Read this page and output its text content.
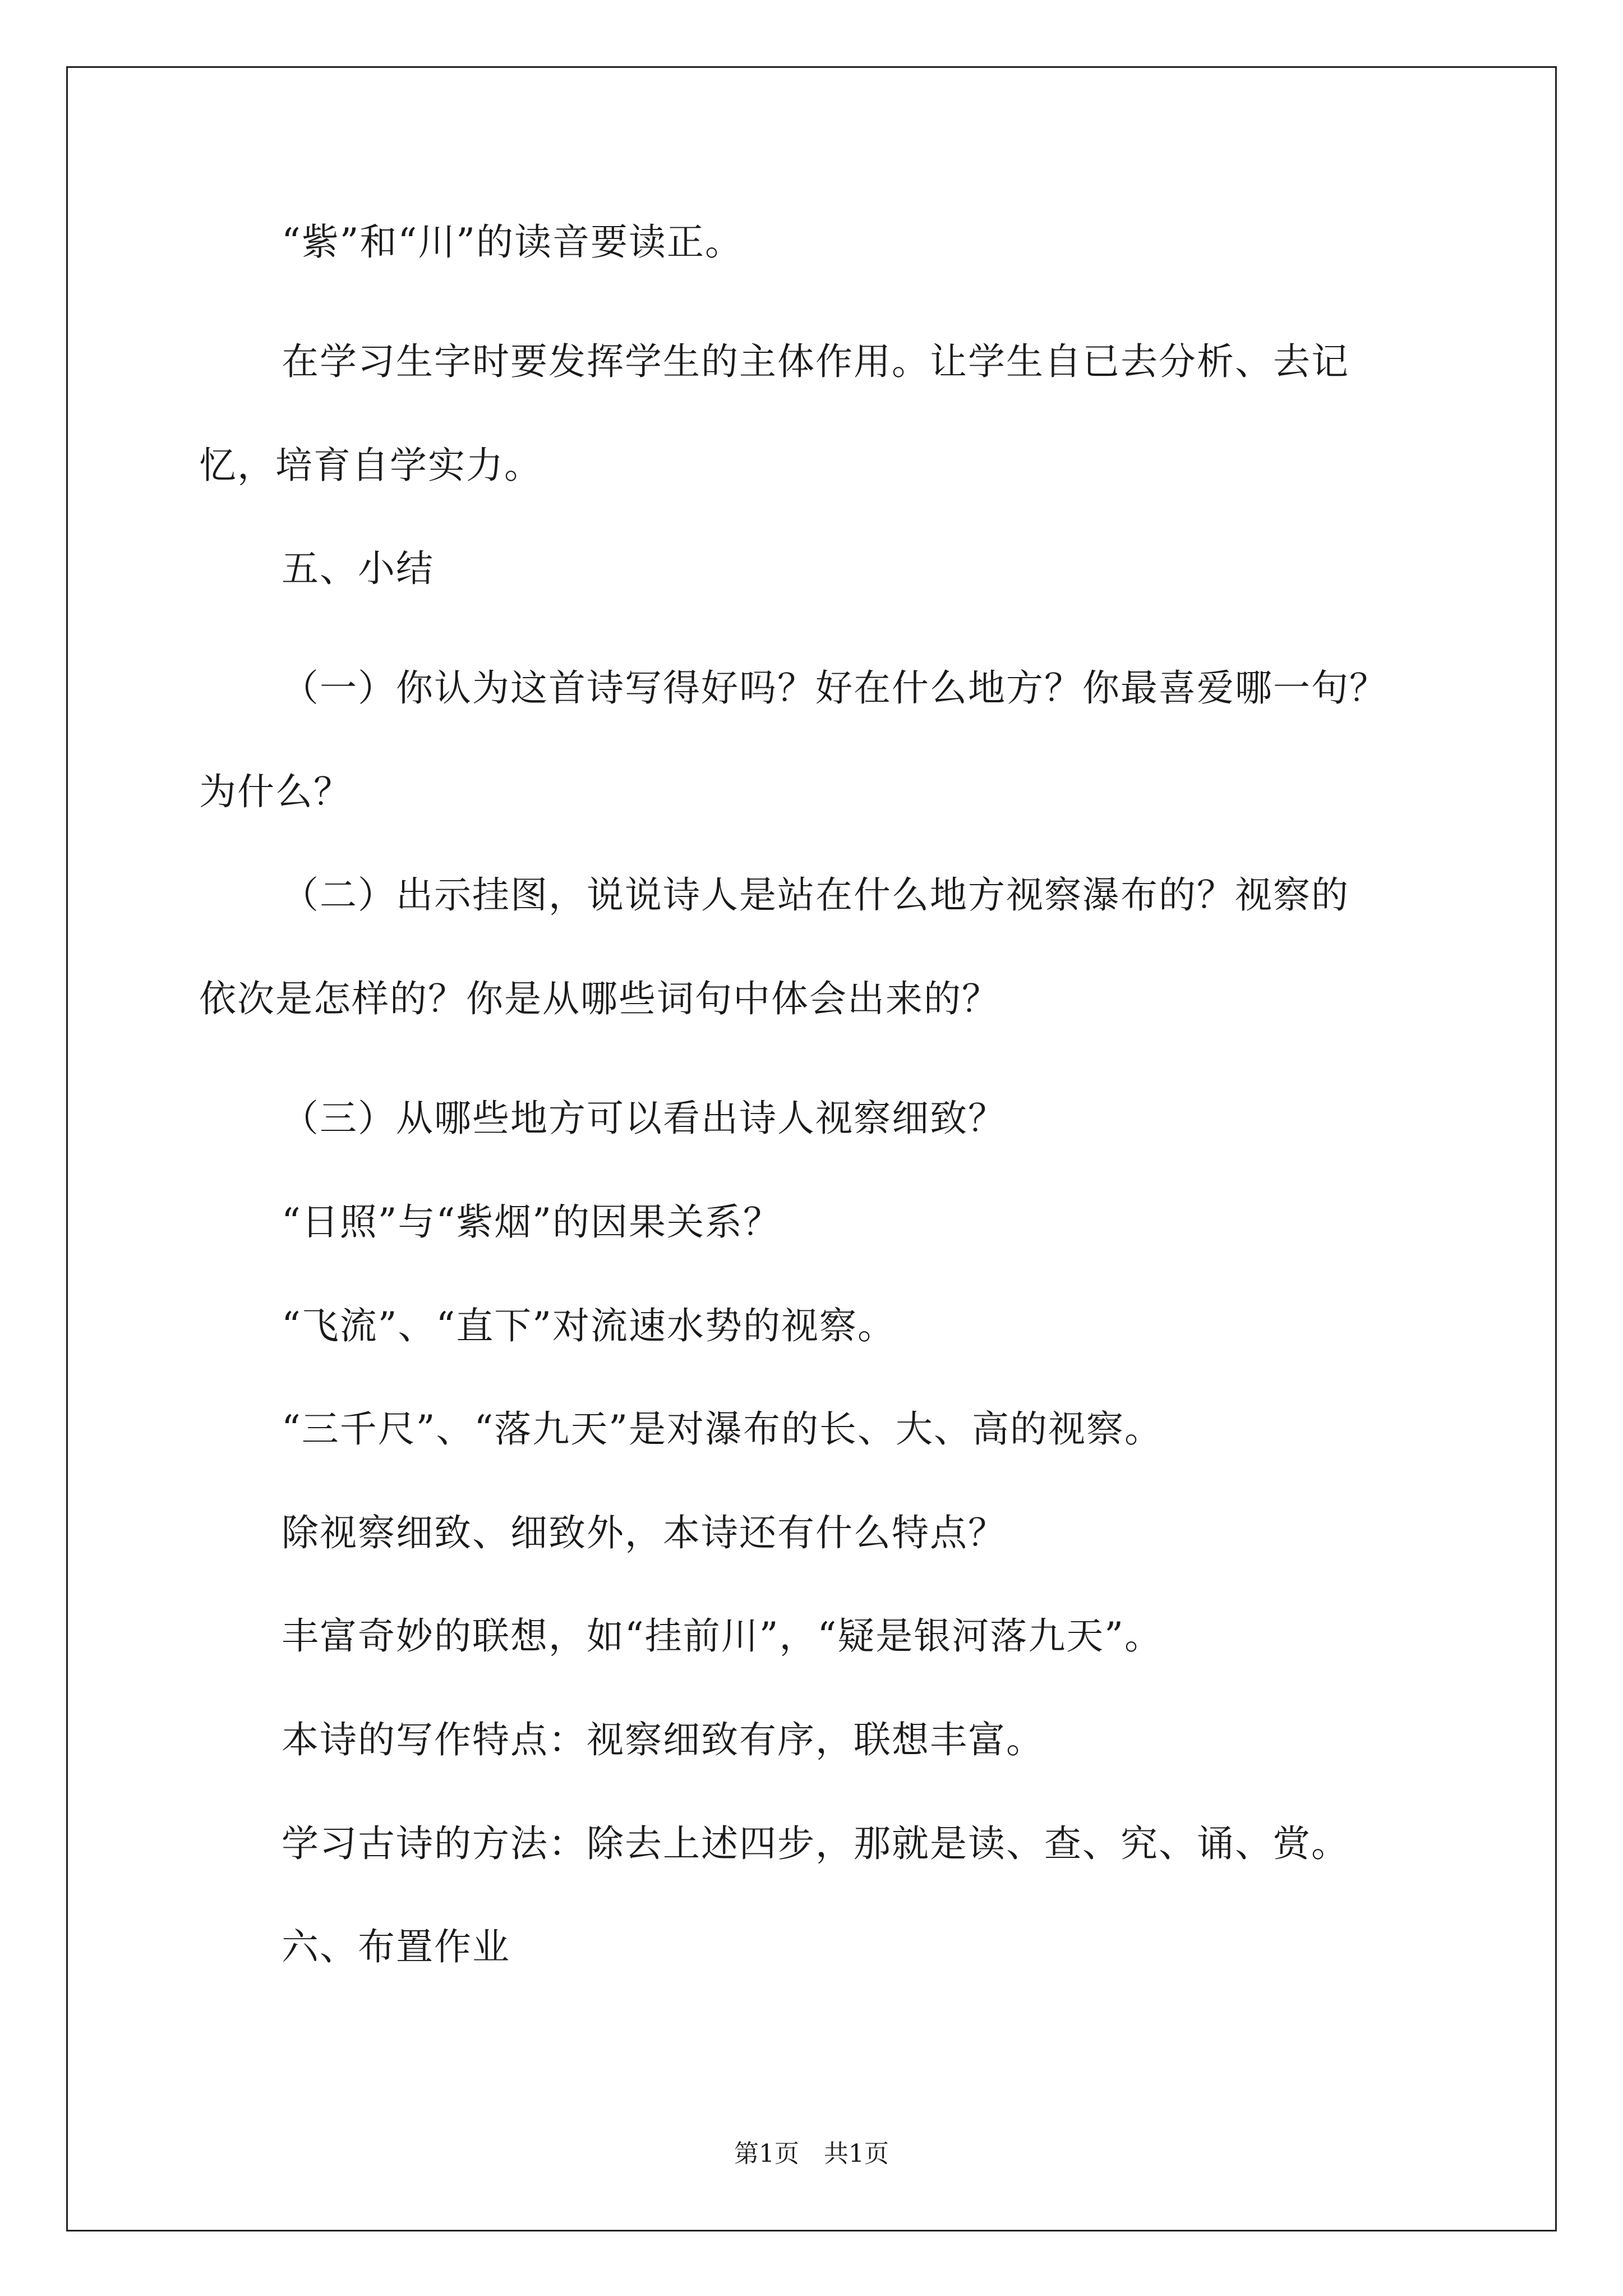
“紫”和“川”的读音要读正。
在学习生字时要发挥学生的主体作用。让学生自已去分析、去记
忆，培育自学实力。
五、小结
（一）你认为这首诗写得好吗？好在什么地方？你最喜爱哪一句？
为什么？
（二）出示挂图，说说诗人是站在什么地方视察瀑布的？视察的
依次是怎样的？你是从哪些词句中体会出来的？
（三）从哪些地方可以看出诗人视察细致？
“日照”与“紫烟”的因果关系？
“飞流”、“直下”对流速水势的视察。
“三千尺”、“落九天”是对瀑布的长、大、高的视察。
除视察细致、细致外，本诗还有什么特点？
丰富奇妙的联想，如“挂前川”，“疑是银河落九天”。
本诗的写作特点：视察细致有序，联想丰富。
学习古诗的方法：除去上述四步，那就是读、查、究、诵、赏。
六、布置作业
第1页　共1页
